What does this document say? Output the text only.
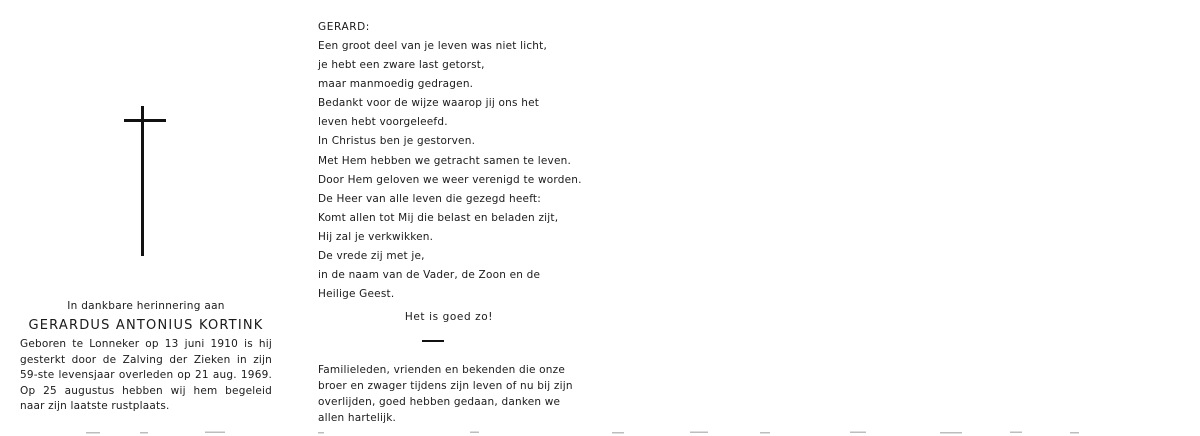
In dankbare herinnering aan
GERARDUS ANTONIUS KORTINK
Geboren te Lonneker op 13 juni 1910 is hij gesterkt door de Zalving der Zieken in zijn 59-ste levensjaar overleden op 21 aug. 1969. Op 25 augustus hebben wij hem begeleid naar zijn laatste rustplaats.
GERARD:
Een groot deel van je leven was niet licht,
je hebt een zware last getorst,
maar manmoedig gedragen.
Bedankt voor de wijze waarop jij ons het
leven hebt voorgeleefd.
In Christus ben je gestorven.
Met Hem hebben we getracht samen te leven.
Door Hem geloven we weer verenigd te worden.
De Heer van alle leven die gezegd heeft:
Komt allen tot Mij die belast en beladen zijt,
Hij zal je verkwikken.
De vrede zij met je,
in de naam van de Vader, de Zoon en de
Heilige Geest.
Het is goed zo!
Familieleden, vrienden en bekenden die onze broer en zwager tijdens zijn leven of nu bij zijn overlijden, goed hebben gedaan, danken we allen hartelijk.
